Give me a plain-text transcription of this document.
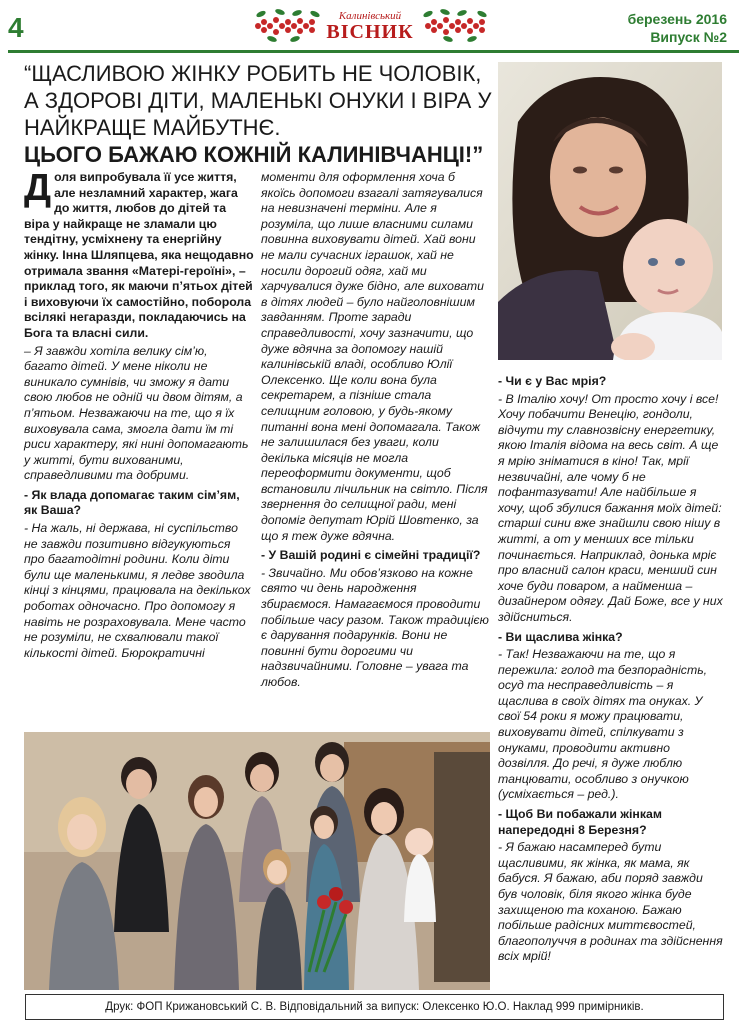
4	Калинівський
ВІСНИК
березень 2016
Випуск №2
“ЩАСЛИВОЮ ЖІНКУ РОБИТЬ НЕ ЧОЛОВІК, А ЗДОРОВІ ДІТИ, МАЛЕНЬКІ ОНУКИ І ВІРА У НАЙКРАЩЕ МАЙБУТНЄ.
ЦЬОГО БАЖАЮ КОЖНІЙ КАЛИНІВЧАНЦІ!”

Доля випробувала її усе життя, але незламний характер, жага до життя, любов до дітей та віра у найкраще не зламали цю тендітну, усміхнену та енергійну жінку. Інна Шляпцева, яка нещодавно отримала звання «Матері-героїні», – приклад того, як маючи п’ятьох дітей і виховуючи їх самостійно, поборола всілякі негаразди, покладаючись на Бога та власні сили.

– Я завжди хотіла велику сім’ю, багато дітей. У мене ніколи не виникало сумнівів, чи зможу я дати свою любов не одній чи двом дітям, а п’ятьом. Незважаючи на те, що я їх виховувала сама, змогла дати їм ті риси характеру, які нині допомагають у житті, бути вихованими, справедливими та добрими.

- Як влада допомагає таким сім’ям, як Ваша?

- На жаль, ні держава, ні суспільство не завжди позитивно відгукуються про багатодітні родини. Коли діти були ще маленькими, я ледве зводила кінці з кінцями, працювала на декількох роботах одночасно. Про допомогу я навіть не розраховувала. Мене часто не розуміли, не схвалювали такої кількості дітей. Бюрократичні

моменти для оформлення хоча б якоїсь допомоги взагалі затягувалися на невизначені терміни. Але я розуміла, що лише власними силами повинна виховувати дітей. Хай вони не мали сучасних іграшок, хай не носили дорогий одяг, хай ми харчувалися дуже бідно, але виховати в дітях людей – було найголовнішим завданням. Проте заради справедливості, хочу зазначити, що дуже вдячна за допомогу нашій калинівській владі, особливо Юлії Олексенко. Ще коли вона була секретарем, а пізніше стала селищним головою, у будь-якому питанні вона мені допомагала. Також не залишилася без уваги, коли декілька місяців не могла переоформити документи, щоб встановили лічильник на світло. Після звернення до селищної ради, мені допоміг депутат Юрій Шовтенко, за що я теж дуже вдячна.

- У Вашій родині є сімейні традиції?

- Звичайно. Ми обов’язково на кожне свято чи день народження збираємося. Намагаємося проводити побільше часу разом. Також традицією є дарування подарунків. Вони не повинні бути дорогими чи надзвичайними. Головне – увага та любов.

- Чи є у Вас мрія?

- В Італію хочу! От просто хочу і все! Хочу побачити Венецію, гондоли, відчути ту славнозвісну енергетику, якою Італія відома на весь світ. А ще я мрію зніматися в кіно! Так, мрії незвичайні, але чому б не пофантазувати! Але найбільше я хочу, щоб збулися бажання моїх дітей: старші сини вже знайшли свою нішу в житті, а от у менших все тільки починається. Наприклад, донька мріє про власний салон краси, менший син хоче буди поваром, а найменша – дизайнером одягу. Дай Боже, все у них здійсниться.

- Ви щаслива жінка?

- Так! Незважаючи на те, що я пережила: голод та безпорадність, осуд та несправедливість – я щаслива в своїх дітях та онуках. У свої 54 роки я можу працювати, виховувати дітей, спілкувати з онуками, проводити активно дозвілля. До речі, я дуже люблю танцювати, особливо з онучкою (усміхається – ред.).

- Щоб Ви побажали жінкам напередодні 8 Березня?

- Я бажаю насамперед бути щасливими, як жінка, як мама, як бабуся. Я бажаю, аби поряд завжди був чоловік, біля якого жінка буде захищеною та коханою. Бажаю побільше радісних миттєвостей, благополуччя в родинах та здійснення всіх мрій!

Друк: ФОП Крижановський С. В. Відповідальний за випуск: Олексенко Ю.О. Наклад 999 примірників.
